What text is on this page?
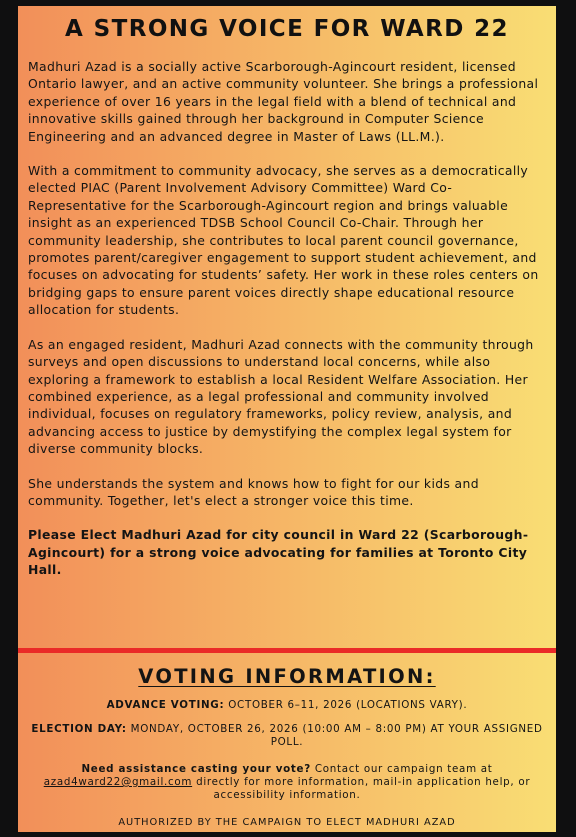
A STRONG VOICE FOR WARD 22

Madhuri Azad is a socially active Scarborough-Agincourt resident, licensed Ontario lawyer, and an active community volunteer. She brings a professional experience of over 16 years in the legal field with a blend of technical and innovative skills gained through her background in Computer Science Engineering and an advanced degree in Master of Laws (LL.M.).

With a commitment to community advocacy, she serves as a democratically elected PIAC (Parent Involvement Advisory Committee) Ward Co-Representative for the Scarborough-Agincourt region and brings valuable insight as an experienced TDSB School Council Co-Chair. Through her community leadership, she contributes to local parent council governance, promotes parent/caregiver engagement to support student achievement, and focuses on advocating for students’ safety. Her work in these roles centers on bridging gaps to ensure parent voices directly shape educational resource allocation for students.

As an engaged resident, Madhuri Azad connects with the community through surveys and open discussions to understand local concerns, while also exploring a framework to establish a local Resident Welfare Association. Her combined experience, as a legal professional and community involved individual, focuses on regulatory frameworks, policy review, analysis, and advancing access to justice by demystifying the complex legal system for diverse community blocks.

She understands the system and knows how to fight for our kids and community. Together, let's elect a stronger voice this time.

Please Elect Madhuri Azad for city council in Ward 22 (Scarborough-Agincourt) for a strong voice advocating for families at Toronto City Hall.

VOTING INFORMATION:

ADVANCE VOTING: OCTOBER 6–11, 2026 (LOCATIONS VARY).

ELECTION DAY: MONDAY, OCTOBER 26, 2026 (10:00 AM – 8:00 PM) AT YOUR ASSIGNED POLL.

Need assistance casting your vote? Contact our campaign team at
azad4ward22@gmail.com directly for more information, mail-in application help, or accessibility information.

AUTHORIZED BY THE CAMPAIGN TO ELECT MADHURI AZAD
